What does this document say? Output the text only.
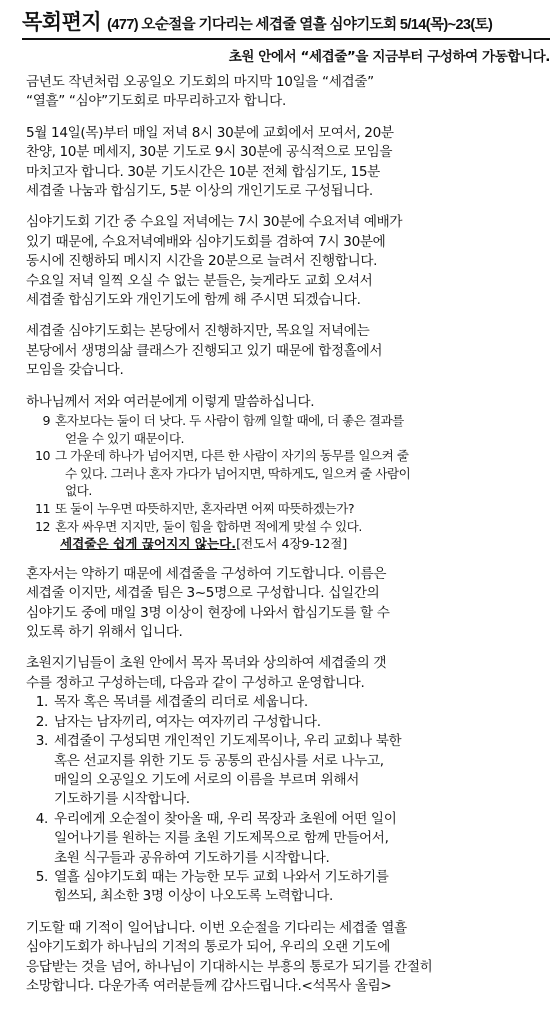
목회편지 (477) 오순절을 기다리는 세겹줄 열흘 심야기도회 5/14(목)~23(토)
초원 안에서 “세겹줄”을 지금부터 구성하여 가동합니다.
금년도 작년처럼 오공일오 기도회의 마지막 10일을 “세겹줄”
“열흘” “심야”기도회로 마무리하고자 합니다.
5월 14일(목)부터 매일 저녁 8시 30분에 교회에서 모여서, 20분
찬양, 10분 메세지, 30분 기도로 9시 30분에 공식적으로 모임을
마치고자 합니다. 30분 기도시간은 10분 전체 합심기도, 15분
세겹줄 나눔과 합심기도, 5분 이상의 개인기도로 구성됩니다.
심야기도회 기간 중 수요일 저녁에는 7시 30분에 수요저녁 예배가
있기 때문에, 수요저녁예배와 심야기도회를 겸하여 7시 30분에
동시에 진행하되 메시지 시간을 20분으로 늘려서 진행합니다.
수요일 저녁 일찍 오실 수 없는 분들은, 늦게라도 교회 오셔서
세겹줄 합심기도와 개인기도에 함께 해 주시면 되겠습니다.
세겹줄 심야기도회는 본당에서 진행하지만, 목요일 저녁에는
본당에서 생명의삶 클래스가 진행되고 있기 때문에 합정홀에서
모임을 갖습니다.
하나님께서 저와 여러분에게 이렇게 말씀하십니다.
9 혼자보다는 둘이 더 낫다. 두 사람이 함께 일할 때에, 더 좋은 결과를
얻을 수 있기 때문이다.
10 그 가운데 하나가 넘어지면, 다른 한 사람이 자기의 동무를 일으켜 줄
수 있다. 그러나 혼자 가다가 넘어지면, 딱하게도, 일으켜 줄 사람이
없다.
11 또 둘이 누우면 따뜻하지만, 혼자라면 어찌 따뜻하겠는가?
12 혼자 싸우면 지지만, 둘이 힘을 합하면 적에게 맞설 수 있다.
세겹줄은 쉽게 끊어지지 않는다.[전도서 4장9-12절]
혼자서는 약하기 때문에 세겹줄을 구성하여 기도합니다. 이름은
세겹줄 이지만, 세겹줄 팀은 3~5명으로 구성합니다. 십일간의
심야기도 중에 매일 3명 이상이 현장에 나와서 합심기도를 할 수
있도록 하기 위해서 입니다.
초원지기님들이 초원 안에서 목자 목녀와 상의하여 세겹줄의 갯
수를 정하고 구성하는데, 다음과 같이 구성하고 운영합니다.
1. 목자 혹은 목녀를 세겹줄의 리더로 세웁니다.
2. 남자는 남자끼리, 여자는 여자끼리 구성합니다.
3. 세겹줄이 구성되면 개인적인 기도제목이나, 우리 교회나 북한
혹은 선교지를 위한 기도 등 공통의 관심사를 서로 나누고,
매일의 오공일오 기도에 서로의 이름을 부르며 위해서
기도하기를 시작합니다.
4. 우리에게 오순절이 찾아올 때, 우리 목장과 초원에 어떤 일이
일어나기를 원하는 지를 초원 기도제목으로 함께 만들어서,
초원 식구들과 공유하여 기도하기를 시작합니다.
5. 열흘 심야기도회 때는 가능한 모두 교회 나와서 기도하기를
힘쓰되, 최소한 3명 이상이 나오도록 노력합니다.
기도할 때 기적이 일어납니다. 이번 오순절을 기다리는 세겹줄 열흘
심야기도회가 하나님의 기적의 통로가 되어, 우리의 오랜 기도에
응답받는 것을 넘어, 하나님이 기대하시는 부흥의 통로가 되기를 간절히
소망합니다. 다운가족 여러분들께 감사드립니다.<석목사 올림>
